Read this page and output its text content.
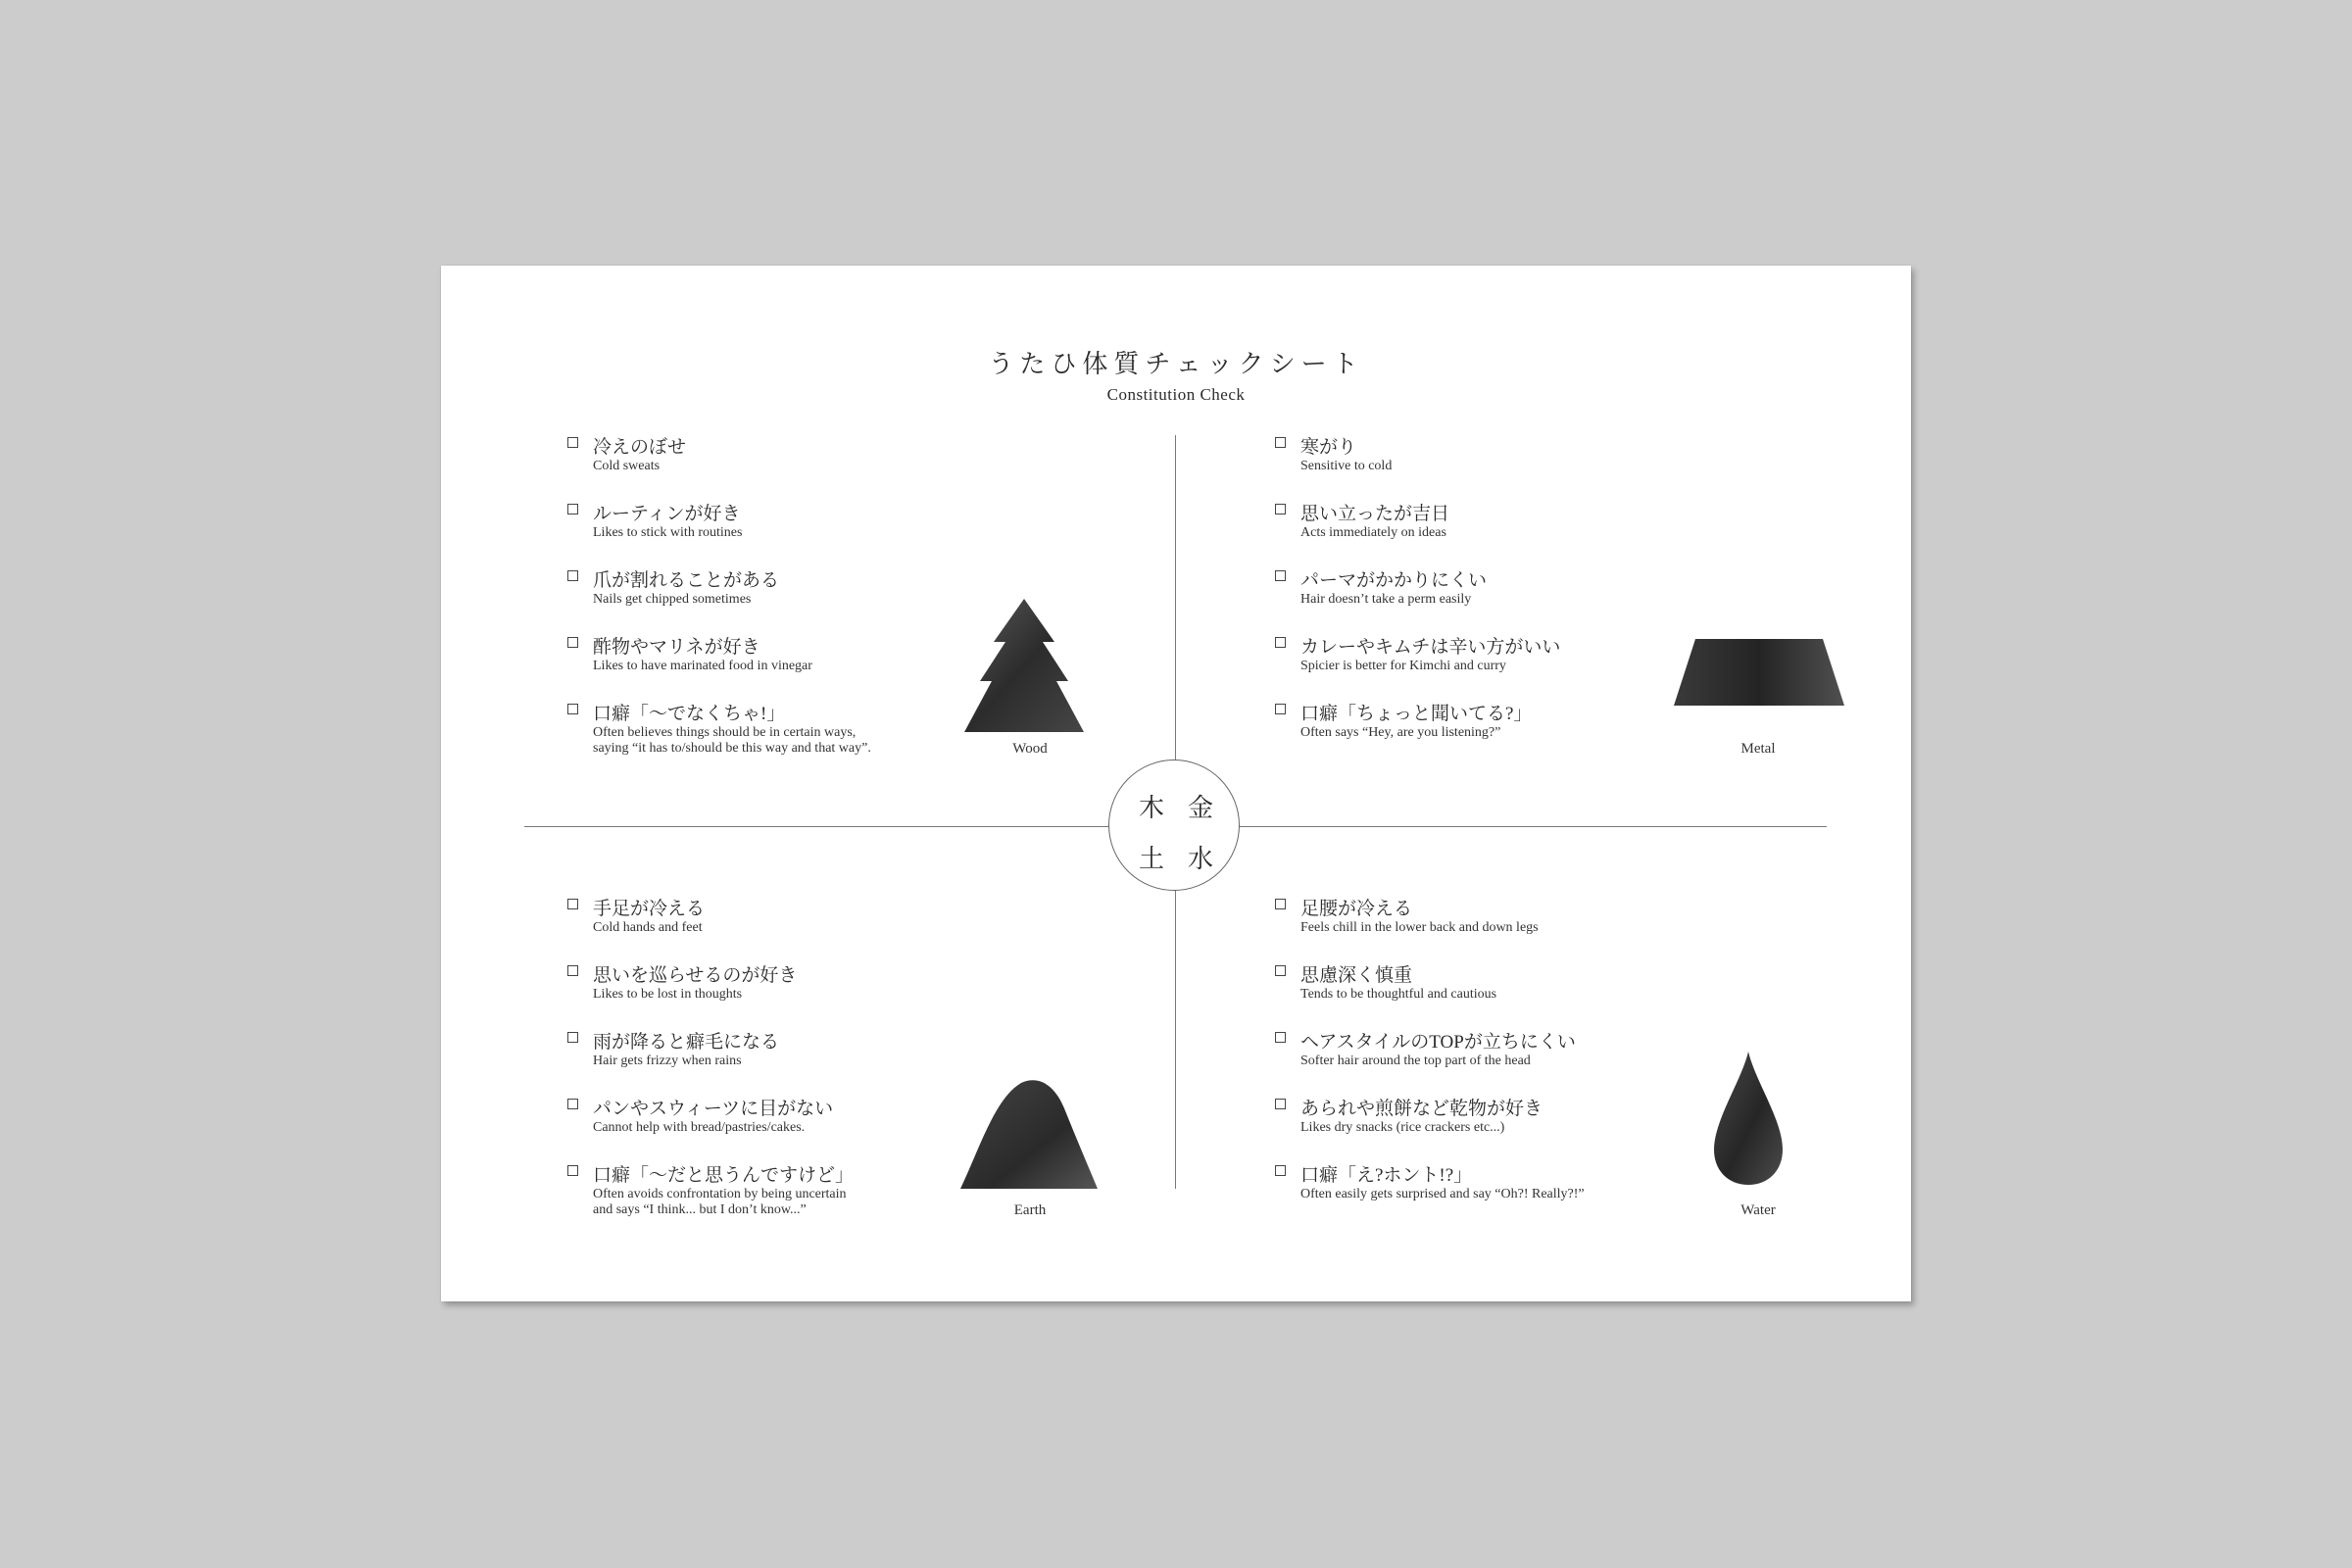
うたひ体質チェックシート
Constitution Check
木 金
土 水
冷えのぼせ
Cold sweats
ルーティンが好き
Likes to stick with routines
爪が割れることがある
Nails get chipped sometimes
酢物やマリネが好き
Likes to have marinated food in vinegar
口癖「〜でなくちゃ!」
Often believes things should be in certain ways,
saying “it has to/should be this way and that way”.
寒がり
Sensitive to cold
思い立ったが吉日
Acts immediately on ideas
パーマがかかりにくい
Hair doesn’t take a perm easily
カレーやキムチは辛い方がいい
Spicier is better for Kimchi and curry
口癖「ちょっと聞いてる?」
Often says “Hey, are you listening?”
手足が冷える
Cold hands and feet
思いを巡らせるのが好き
Likes to be lost in thoughts
雨が降ると癖毛になる
Hair gets frizzy when rains
パンやスウィーツに目がない
Cannot help with bread/pastries/cakes.
口癖「〜だと思うんですけど」
Often avoids confrontation by being uncertain
and says “I think... but I don’t know...”
足腰が冷える
Feels chill in the lower back and down legs
思慮深く慎重
Tends to be thoughtful and cautious
ヘアスタイルのTOPが立ちにくい
Softer hair around the top part of the head
あられや煎餅など乾物が好き
Likes dry snacks (rice crackers etc...)
口癖「え?ホント!?」
Often easily gets surprised and say “Oh?! Really?!”
Wood	Metal
Earth	Water
